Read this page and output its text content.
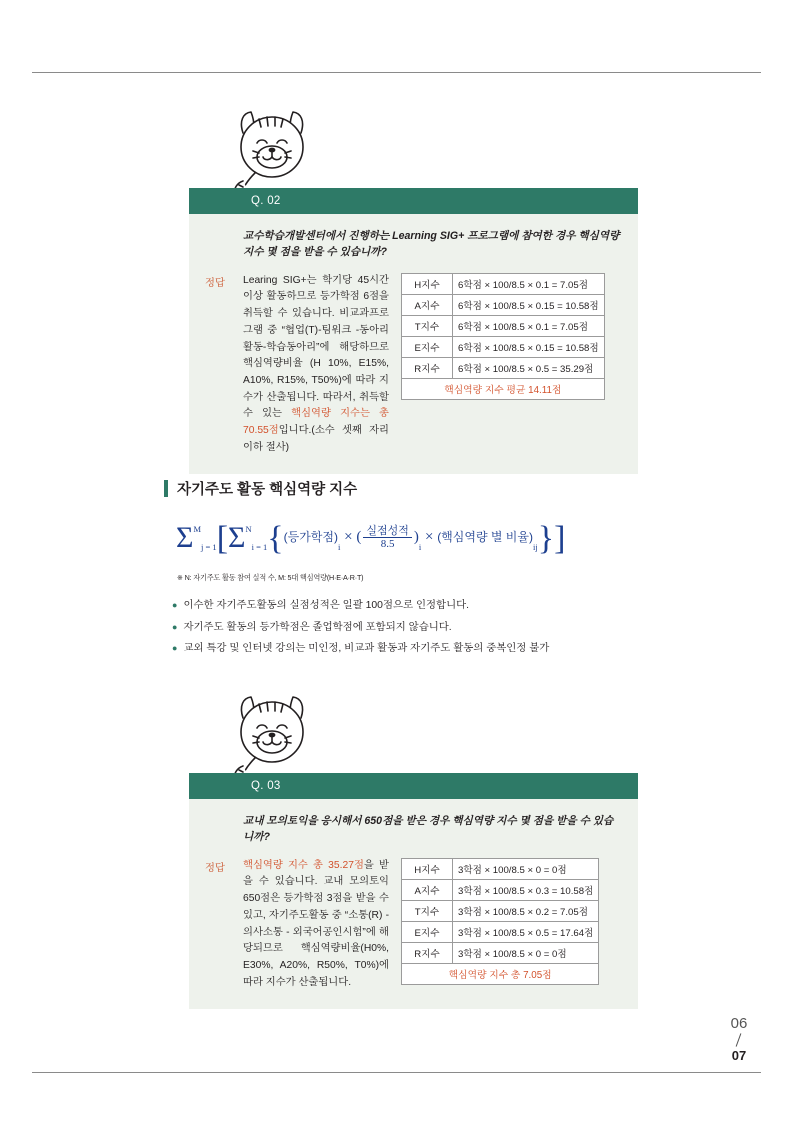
Q. 02

교수학습개발센터에서 진행하는 Learning SIG+ 프로그램에 참여한 경우 핵심역량 지수 몇 점을 받을 수 있습니까?

정답	Learing SIG+는 학기당 45시간 이상 활동하므로 등가학점 6점을 취득할 수 있습니다. 비교과프로그램 중 “협업(T)-팀워크 -동아리활동-학습동아리”에 해당하므로 핵심역량비율 (H 10%, E15%, A10%, R15%, T50%)에 따라 지수가 산출됩니다. 따라서, 취득할 수 있는 핵심역량 지수는 총 70.55점입니다.(소수 셋째 자리 이하 절사)
H지수	6학점 × 100/8.5 × 0.1 = 7.05점
A지수	6학점 × 100/8.5 × 0.15 = 10.58점
T지수	6학점 × 100/8.5 × 0.1 = 7.05점
E지수	6학점 × 100/8.5 × 0.15 = 10.58점
R지수	6학점 × 100/8.5 × 0.5 = 35.29점
핵심역량 지수 평균 14.11점	
자기주도 활동 핵심역량 지수
$\Sigma^M_{j = 1}[\Sigma^N_{i = 1}${(등가학점)$_i$ × ( $\frac{\text{실점성적}}{8.5} )_i$ × (핵심역량 별 비율)$_{ij}$}]
※ N: 자기주도 활동 참여 실적 수, M: 5대 핵심역량(H·E·A·R·T)
● 이수한 자기주도활동의 실점성적은 일괄 100점으로 인정합니다.
● 자기주도 활동의 등가학점은 졸업학점에 포함되지 않습니다.
● 교외 특강 및 인터넷 강의는 미인정, 비교과 활동과 자기주도 활동의 중복인정 불가
Q. 03

교내 모의토익을 응시해서 650점을 받은 경우 핵심역량 지수 몇 점을 받을 수 있습니까?

정답	핵심역량 지수 총 35.27점을 받을 수 있습니다. 교내 모의토익 650점은 등가학점 3점을 받을 수 있고, 자기주도활동 중 “소통(R) - 의사소통 - 외국어공인시험”에 해당되므로 핵심역량비율(H0%, E30%, A20%, R50%, T0%)에 따라 지수가 산출됩니다.
H지수	3학점 × 100/8.5 × 0 = 0점
A지수	3학점 × 100/8.5 × 0.3 = 10.58점
T지수	3학점 × 100/8.5 × 0.2 = 7.05점
E지수	3학점 × 100/8.5 × 0.5 = 17.64점
R지수	3학점 × 100/8.5 × 0 = 0점
핵심역량 지수 총 7.05점	
06
07
